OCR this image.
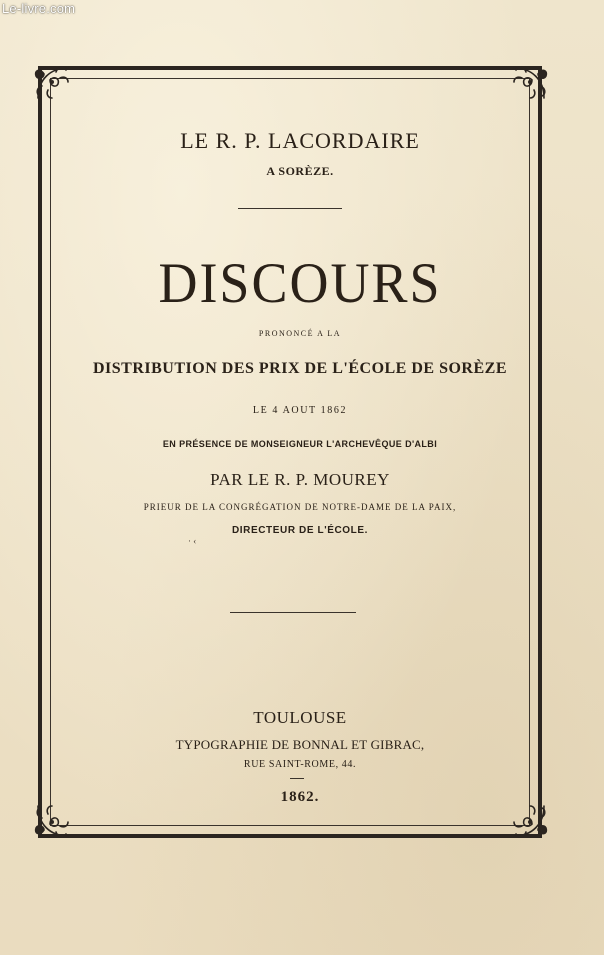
Le-livre.com
LE R. P. LACORDAIRE
A SORÈZE.
DISCOURS
PRONONCÉ A LA
DISTRIBUTION DES PRIX DE L'ÉCOLE DE SORÈZE
LE 4 AOUT 1862
EN PRÉSENCE DE MONSEIGNEUR L'ARCHEVÊQUE D'ALBI
PAR LE R. P. MOUREY
PRIEUR DE LA CONGRÉGATION DE NOTRE-DAME DE LA PAIX,
DIRECTEUR DE L'ÉCOLE.
· ‹
TOULOUSE
TYPOGRAPHIE DE BONNAL ET GIBRAC,
RUE SAINT-ROME, 44.
1862.
